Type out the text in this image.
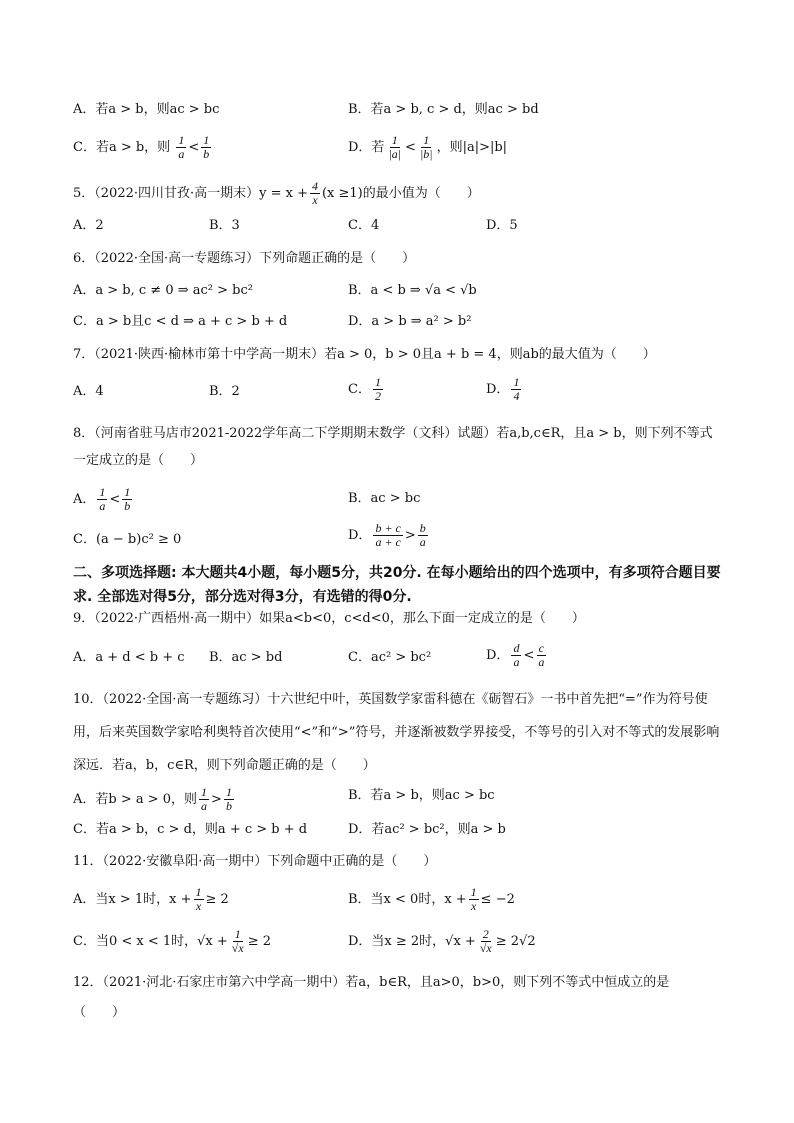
A．若a > b，则ac > bc	B．若a > b, c > d，则ac > bd
C．若a > b，则 $\frac{1}{a} < \frac{1}{b}$	D．若 $\frac{1}{|a|} < \frac{1}{|b|}$ ，则|a|>|b|
5．（2022·四川甘孜·高一期末）$y = x + \frac{4}{x} (x \ge 1)$的最小值为（　　）
A．2	B．3	C．4	D．5
6．（2022·全国·高一专题练习）下列命题正确的是（　　）
A．a > b, c ≠ 0 ⇒ ac² > bc²	B．a < b ⇒ √a < √b
C．a > b且c < d ⇒ a + c > b + d	D．a > b ⇒ a² > b²
7．（2021·陕西·榆林市第十中学高一期末）若a > 0，b > 0且a + b = 4，则ab的最大值为（　　）
A．4	B．2	C． $\frac{1}{2}$	D． $\frac{1}{4}$
8．（河南省驻马店市2021-2022学年高二下学期期末数学（文科）试题）若a,b,c∈R，且a > b，则下列不等式一定成立的是（　　）
A． $\frac{1}{a} < \frac{1}{b}$	B．ac > bc
C．(a − b)c² ≥ 0	D． $\frac{b + c}{a + c} > \frac{b}{a}$
二、多项选择题: 本大题共4小题，每小题5分，共20分. 在每小题给出的四个选项中，有多项符合题目要求. 全部选对得5分，部分选对得3分，有选错的得0分.
9．（2022·广西梧州·高一期中）如果a<b<0，c<d<0，那么下面一定成立的是（　　）
A．a + d < b + c B．ac > bd	C．ac² > bc²	D． $\frac{d}{a} < \frac{c}{a}$
10．（2022·全国·高一专题练习）十六世纪中叶，英国数学家雷科德在《砺智石》一书中首先把“=”作为符号使用，后来英国数学家哈利奥特首次使用“<”和“>”符号，并逐渐被数学界接受，不等号的引入对不等式的发展影响深远．若a，b，c∈R，则下列命题正确的是（　　）
A．若b > a > 0，则 $\frac{1}{a} > \frac{1}{b}$	B．若a > b，则ac > bc
C．若a > b，c > d，则a + c > b + d	D．若ac² > bc²，则a > b
11．（2022·安徽阜阳·高一期中）下列命题中正确的是（　　）
A．当x > 1时，$x + \frac{1}{x} \ge 2$	B．当x < 0时，$x + \frac{1}{x} \le -2$
C．当0 < x < 1时，$√x + \frac{1}{√x} \ge 2$	D．当x ≥ 2时，$√x + \frac{2}{√x} \ge 2√2$
12．（2021·河北·石家庄市第六中学高一期中）若a，b∈R，且a>0，b>0，则下列不等式中恒成立的是
（　　）
